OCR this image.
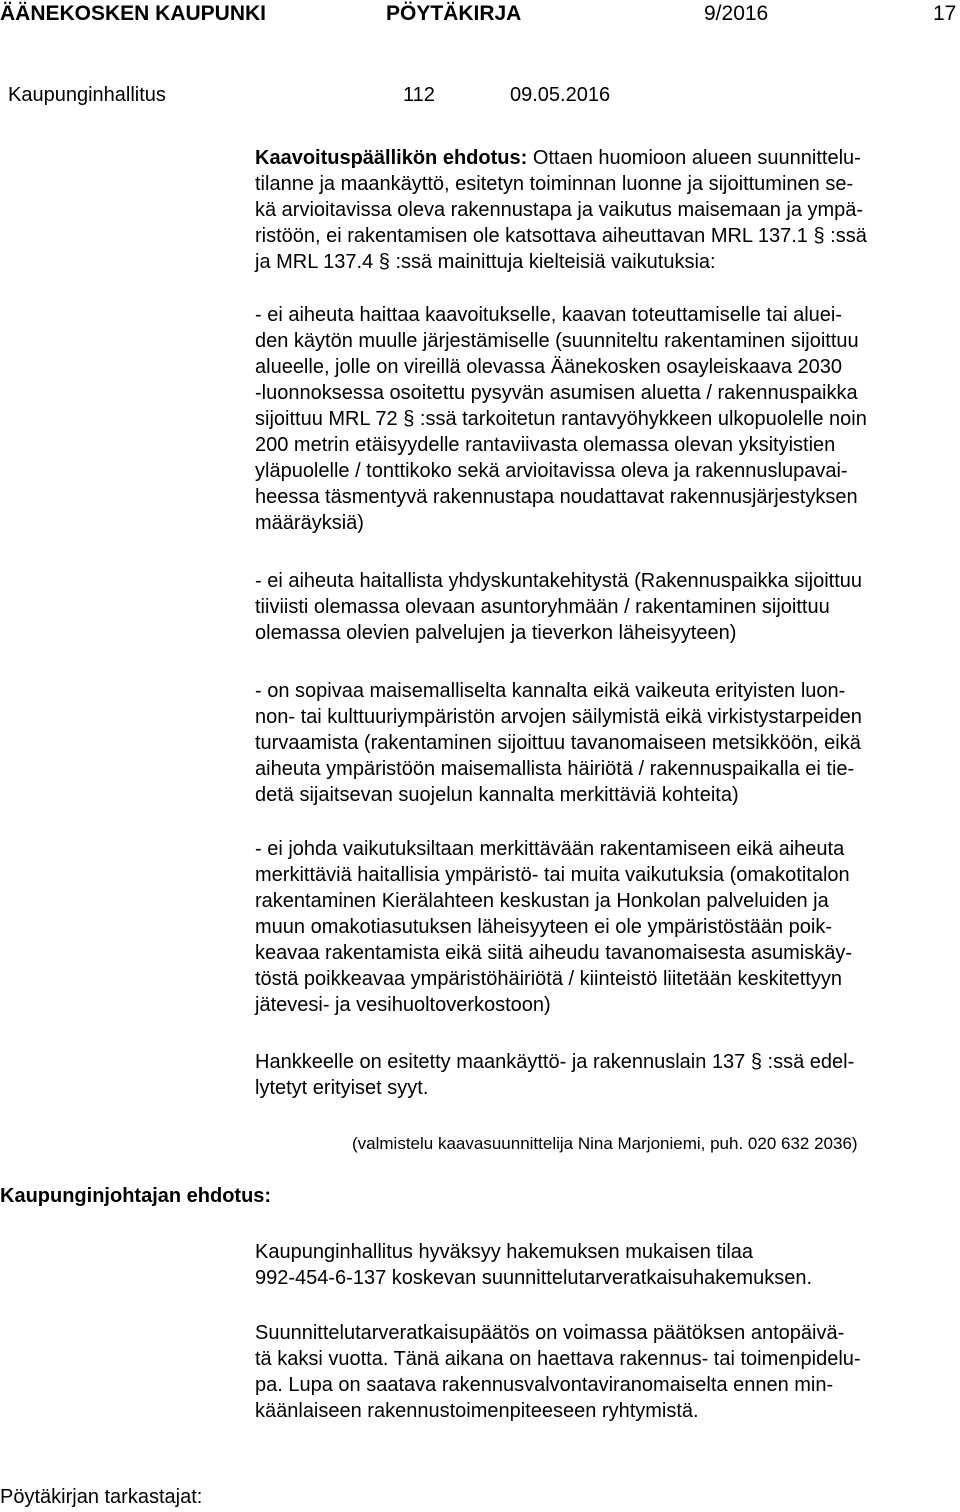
ÄÄNEKOSKEN KAUPUNKI	PÖYTÄKIRJA	9/2016	17
Kaupunginhallitus	112	09.05.2016
Kaavoituspäällikön ehdotus: Ottaen huomioon alueen suunnittelu-
tilanne ja maankäyttö, esitetyn toiminnan luonne ja sijoittuminen se-
kä arvioitavissa oleva rakennustapa ja vaikutus maisemaan ja ympä-
ristöön, ei rakentamisen ole katsottava aiheuttavan MRL 137.1 § :ssä
ja MRL 137.4 § :ssä mainittuja kielteisiä vaikutuksia:
- ei aiheuta haittaa kaavoitukselle, kaavan toteuttamiselle tai aluei-
den käytön muulle järjestämiselle (suunniteltu rakentaminen sijoittuu
alueelle, jolle on vireillä olevassa Äänekosken osayleiskaava 2030
-luonnoksessa osoitettu pysyvän asumisen aluetta / rakennuspaikka
sijoittuu MRL 72 § :ssä tarkoitetun rantavyöhykkeen ulkopuolelle noin
200 metrin etäisyydelle rantaviivasta olemassa olevan yksityistien
yläpuolelle / tonttikoko sekä arvioitavissa oleva ja rakennuslupavai-
heessa täsmentyvä rakennustapa noudattavat rakennusjärjestyksen
määräyksiä)
- ei aiheuta haitallista yhdyskuntakehitystä (Rakennuspaikka sijoittuu
tiiviisti olemassa olevaan asuntoryhmään / rakentaminen sijoittuu
olemassa olevien palvelujen ja tieverkon läheisyyteen)
- on sopivaa maisemalliselta kannalta eikä vaikeuta erityisten luon-
non- tai kulttuuriympäristön arvojen säilymistä eikä virkistystarpeiden
turvaamista (rakentaminen sijoittuu tavanomaiseen metsikköön, eikä
aiheuta ympäristöön maisemallista häiriötä / rakennuspaikalla ei tie-
detä sijaitsevan suojelun kannalta merkittäviä kohteita)
- ei johda vaikutuksiltaan merkittävään rakentamiseen eikä aiheuta
merkittäviä haitallisia ympäristö- tai muita vaikutuksia (omakotitalon
rakentaminen Kierälahteen keskustan ja Honkolan palveluiden ja
muun omakotiasutuksen läheisyyteen ei ole ympäristöstään poik-
keavaa rakentamista eikä siitä aiheudu tavanomaisesta asumiskäy-
töstä poikkeavaa ympäristöhäiriötä / kiinteistö liitetään keskitettyyn
jätevesi- ja vesihuoltoverkostoon)
Hankkeelle on esitetty maankäyttö- ja rakennuslain 137 § :ssä edel-
lytetyt erityiset syyt.
(valmistelu kaavasuunnittelija Nina Marjoniemi, puh. 020 632 2036)
Kaupunginjohtajan ehdotus:
Kaupunginhallitus hyväksyy hakemuksen mukaisen tilaa
992-454-6-137 koskevan suunnittelutarveratkaisuhakemuksen.
Suunnittelutarveratkaisupäätös on voimassa päätöksen antopäivä-
tä kaksi vuotta. Tänä aikana on haettava rakennus- tai toimenpidelu-
pa. Lupa on saatava rakennusvalvontaviranomaiselta ennen min-
käänlaiseen rakennustoimenpiteeseen ryhtymistä.
Pöytäkirjan tarkastajat:
